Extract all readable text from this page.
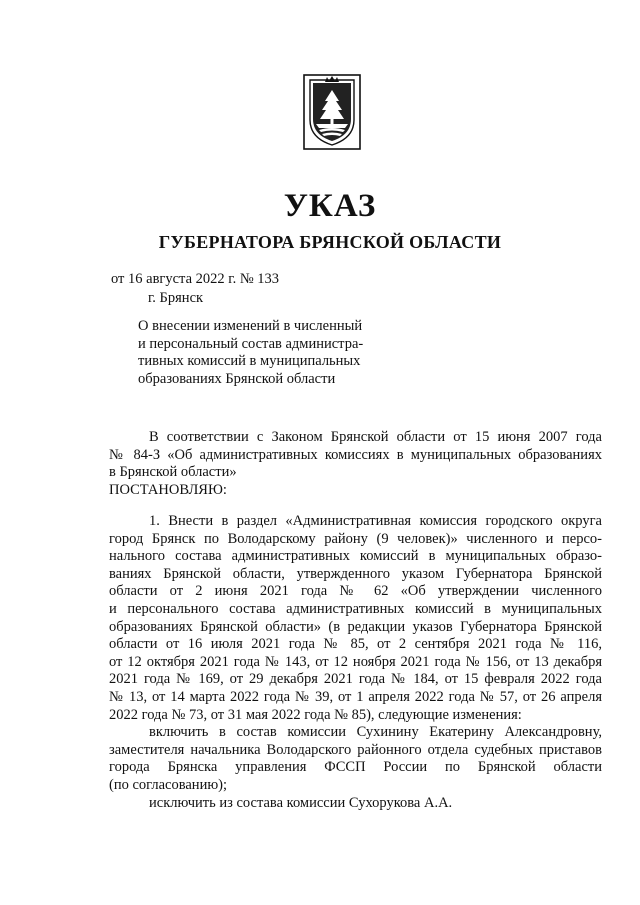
УКАЗ
ГУБЕРНАТОРА БРЯНСКОЙ ОБЛАСТИ
от 16 августа 2022 г. № 133
г. Брянск
О внесении изменений в численный
и персональный состав администра-
тивных комиссий в муниципальных
образованиях Брянской области
В соответствии с Законом Брянской области от 15 июня 2007 года
№ 84-З «Об административных комиссиях в муниципальных образованиях
в Брянской области»
ПОСТАНОВЛЯЮ:
1. Внести в раздел «Административная комиссия городского округа
город Брянск по Володарскому району (9 человек)» численного и персо-
нального состава административных комиссий в муниципальных образо-
ваниях Брянской области, утвержденного указом Губернатора Брянской
области от 2 июня 2021 года № 62 «Об утверждении численного
и персонального состава административных комиссий в муниципальных
образованиях Брянской области» (в редакции указов Губернатора Брянской
области от 16 июля 2021 года № 85, от 2 сентября 2021 года № 116,
от 12 октября 2021 года № 143, от 12 ноября 2021 года № 156, от 13 декабря
2021 года № 169, от 29 декабря 2021 года № 184, от 15 февраля 2022 года
№ 13, от 14 марта 2022 года № 39, от 1 апреля 2022 года № 57, от 26 апреля
2022 года № 73, от 31 мая 2022 года № 85), следующие изменения:
включить в состав комиссии Сухинину Екатерину Александровну,
заместителя начальника Володарского районного отдела судебных приставов
города Брянска управления ФССП России по Брянской области
(по согласованию);
исключить из состава комиссии Сухорукова А.А.
